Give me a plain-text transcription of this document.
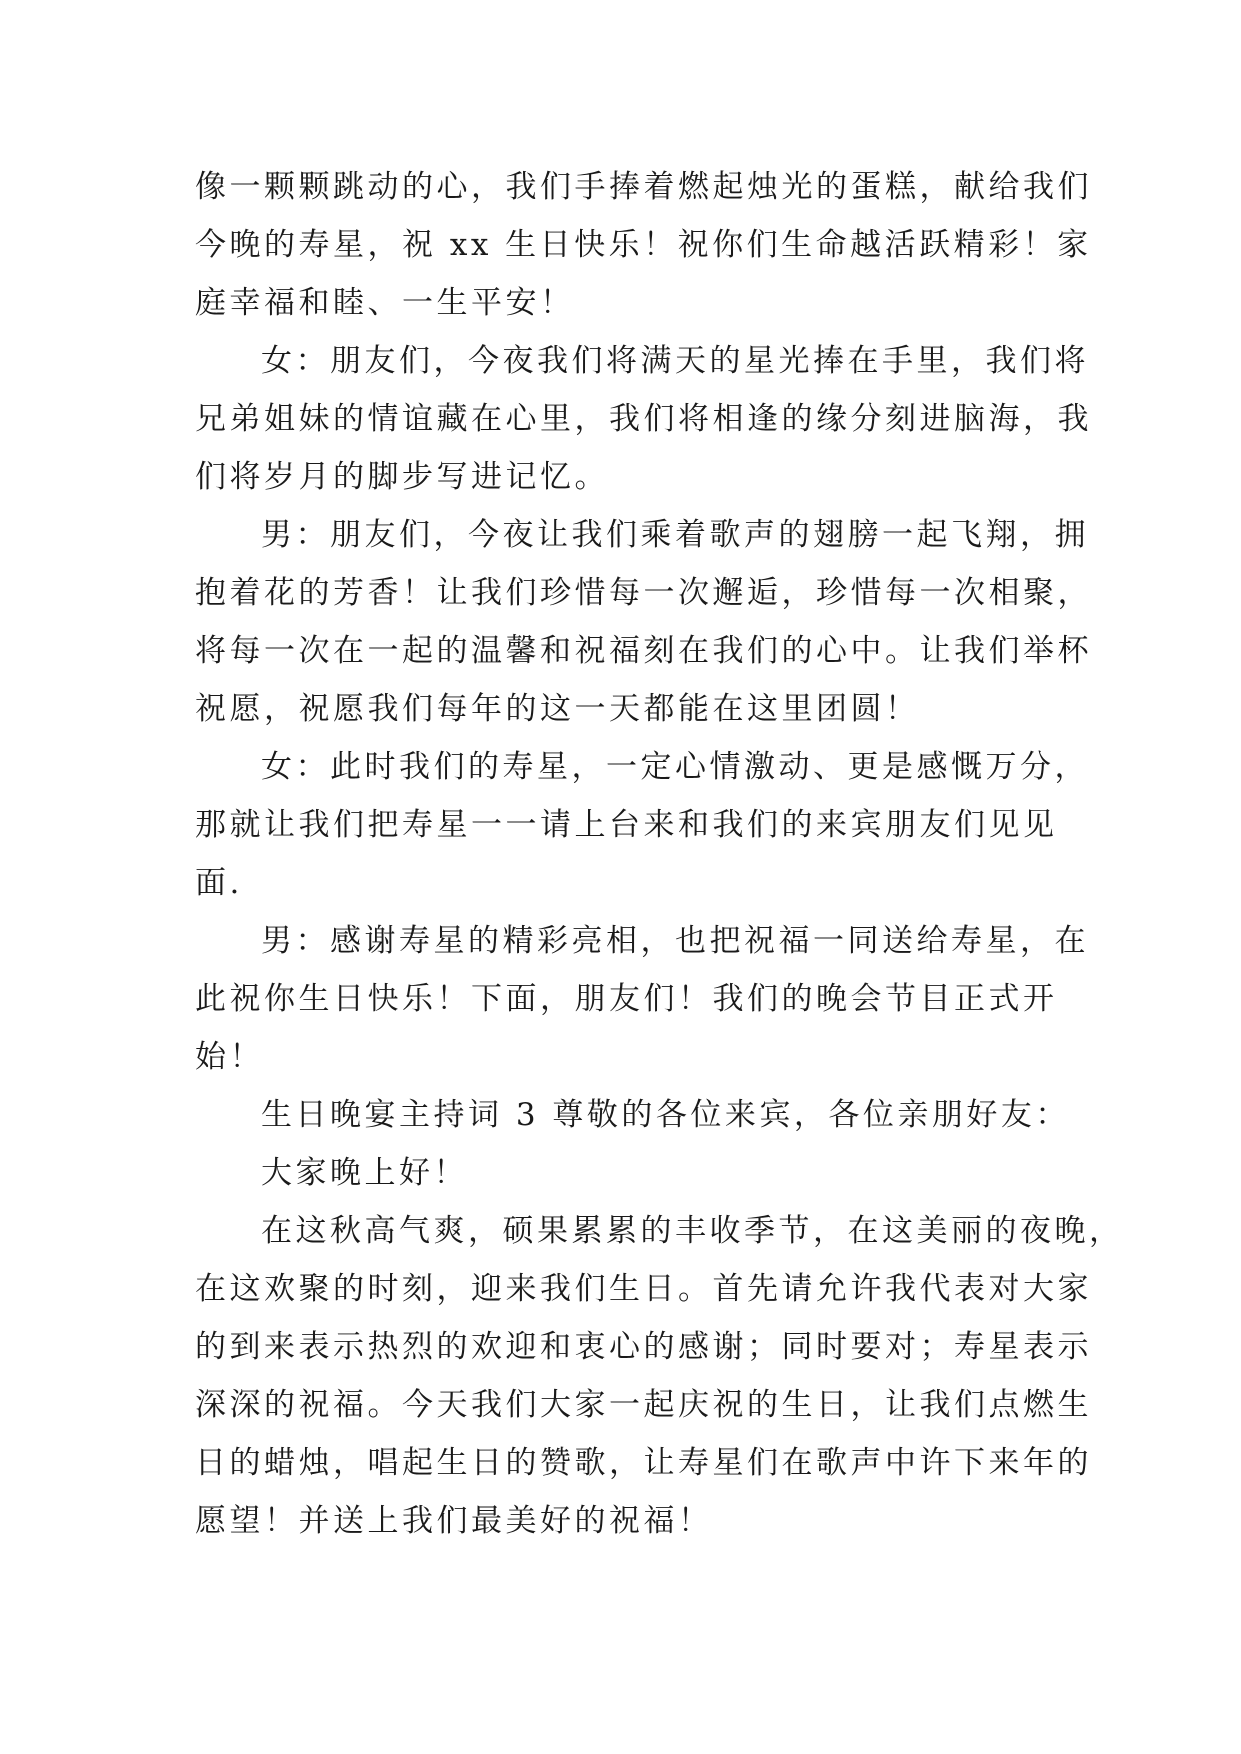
像一颗颗跳动的心，我们手捧着燃起烛光的蛋糕，献给我们
今晚的寿星，祝 xx 生日快乐！祝你们生命越活跃精彩！家
庭幸福和睦、一生平安！

女：朋友们，今夜我们将满天的星光捧在手里，我们将
兄弟姐妹的情谊藏在心里，我们将相逢的缘分刻进脑海，我
们将岁月的脚步写进记忆。

男：朋友们，今夜让我们乘着歌声的翅膀一起飞翔，拥
抱着花的芳香！让我们珍惜每一次邂逅，珍惜每一次相聚，
将每一次在一起的温馨和祝福刻在我们的心中。让我们举杯
祝愿，祝愿我们每年的这一天都能在这里团圆！

女：此时我们的寿星，一定心情激动、更是感慨万分，
那就让我们把寿星一一请上台来和我们的来宾朋友们见见
面.

男：感谢寿星的精彩亮相，也把祝福一同送给寿星，在
此祝你生日快乐！下面，朋友们！我们的晚会节目正式开
始！

生日晚宴主持词 3 尊敬的各位来宾，各位亲朋好友：

大家晚上好！

在这秋高气爽，硕果累累的丰收季节，在这美丽的夜晚，
在这欢聚的时刻，迎来我们生日。首先请允许我代表对大家
的到来表示热烈的欢迎和衷心的感谢；同时要对；寿星表示
深深的祝福。今天我们大家一起庆祝的生日，让我们点燃生
日的蜡烛，唱起生日的赞歌，让寿星们在歌声中许下来年的
愿望！并送上我们最美好的祝福！
